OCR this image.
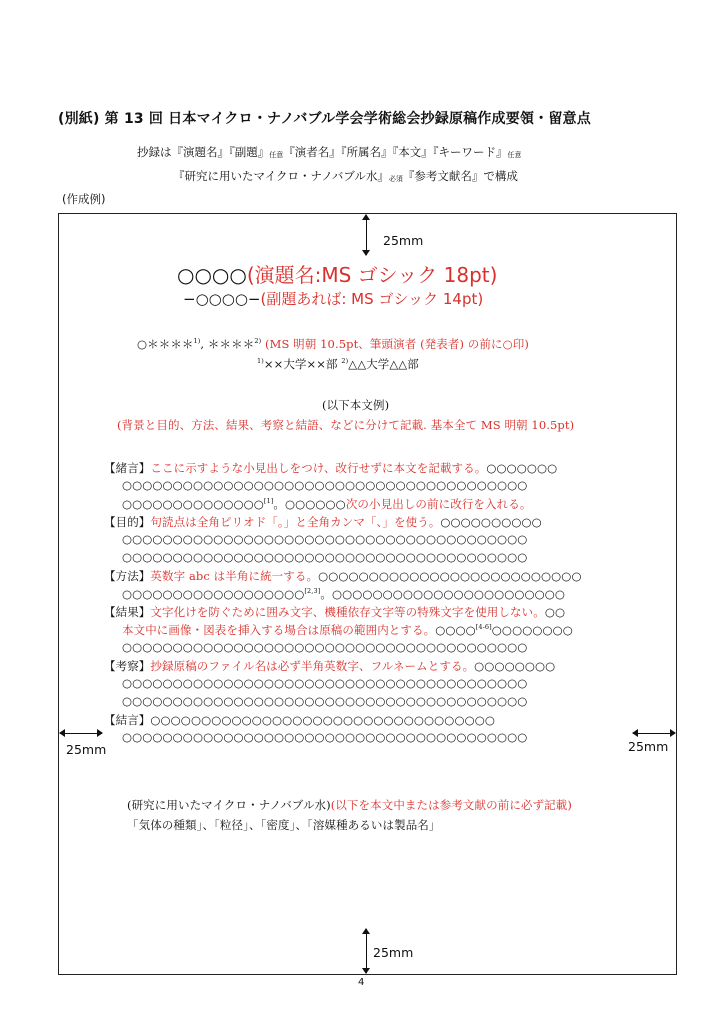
(別紙) 第 13 回 日本マイクロ・ナノバブル学会学術総会抄録原稿作成要領・留意点
抄録は『演題名』『副題』任意『演者名』『所属名』『本文』『キーワード』任意
『研究に用いたマイクロ・ナノバブル水』必須『参考文献名』で構成
(作成例)
25mm
○○○○(演題名:MS ゴシック 18pt)
−○○○○−(副題あれば: MS ゴシック 14pt)
○＊＊＊＊$^{1)}$, ＊＊＊＊$^{2)}$ (MS 明朝 10.5pt、筆頭演者 (発表者) の前に○印)
$^{1)}$××大学××部 $^{2)}$△△大学△△部
(以下本文例)
(背景と目的、方法、結果、考察と結語、などに分けて記載. 基本全て MS 明朝 10.5pt)
【緒言】ここに示すような小見出しをつけ、改行せずに本文を記載する。○○○○○○○
○○○○○○○○○○○○○○○○○○○○○○○○○○○○○○○○○○○○○○○○
○○○○○○○○○○○○○○[1]。○○○○○○次の小見出しの前に改行を入れる。
【目的】句読点は全角ピリオド「。」と全角カンマ「、」を使う。○○○○○○○○○○
○○○○○○○○○○○○○○○○○○○○○○○○○○○○○○○○○○○○○○○○
○○○○○○○○○○○○○○○○○○○○○○○○○○○○○○○○○○○○○○○○
【方法】英数字 abc は半角に統一する。○○○○○○○○○○○○○○○○○○○○○○○○○○
○○○○○○○○○○○○○○○○○○[2,3]。○○○○○○○○○○○○○○○○○○○○○○○
【結果】文字化けを防ぐために囲み文字、機種依存文字等の特殊文字を使用しない。○○
本文中に画像・図表を挿入する場合は原稿の範囲内とする。○○○○[4-6]○○○○○○○○
○○○○○○○○○○○○○○○○○○○○○○○○○○○○○○○○○○○○○○○○
【考察】抄録原稿のファイル名は必ず半角英数字、フルネームとする。○○○○○○○○
○○○○○○○○○○○○○○○○○○○○○○○○○○○○○○○○○○○○○○○○
○○○○○○○○○○○○○○○○○○○○○○○○○○○○○○○○○○○○○○○○
【結言】○○○○○○○○○○○○○○○○○○○○○○○○○○○○○○○○○○
○○○○○○○○○○○○○○○○○○○○○○○○○○○○○○○○○○○○○○○○
25mm	25mm
(研究に用いたマイクロ・ナノバブル水)(以下を本文中または参考文献の前に必ず記載)
「気体の種類」、「粒径」、「密度」、「溶媒種あるいは製品名」
25mm
4
